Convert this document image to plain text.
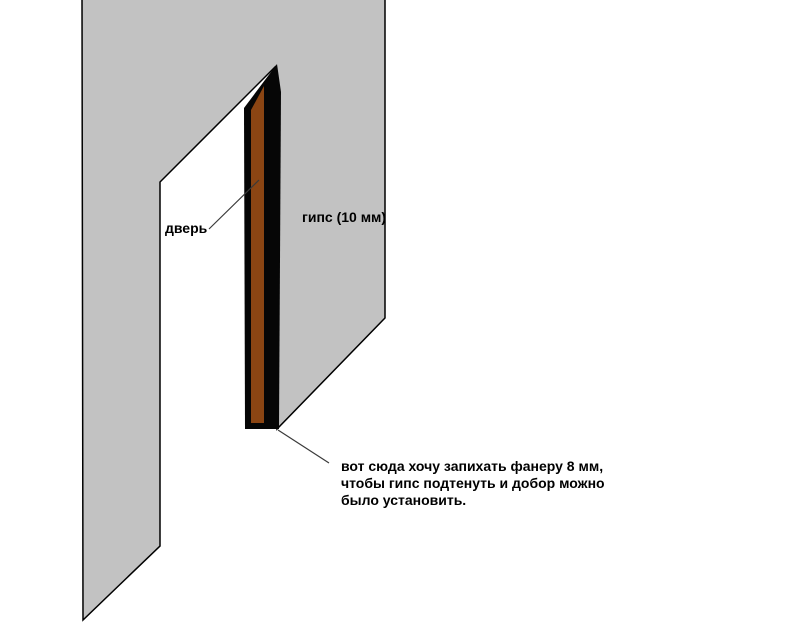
дверь
гипс (10 мм)
вот сюда хочу запихать фанеру 8 мм,
чтобы гипс подтенуть и добор можно
было установить.
